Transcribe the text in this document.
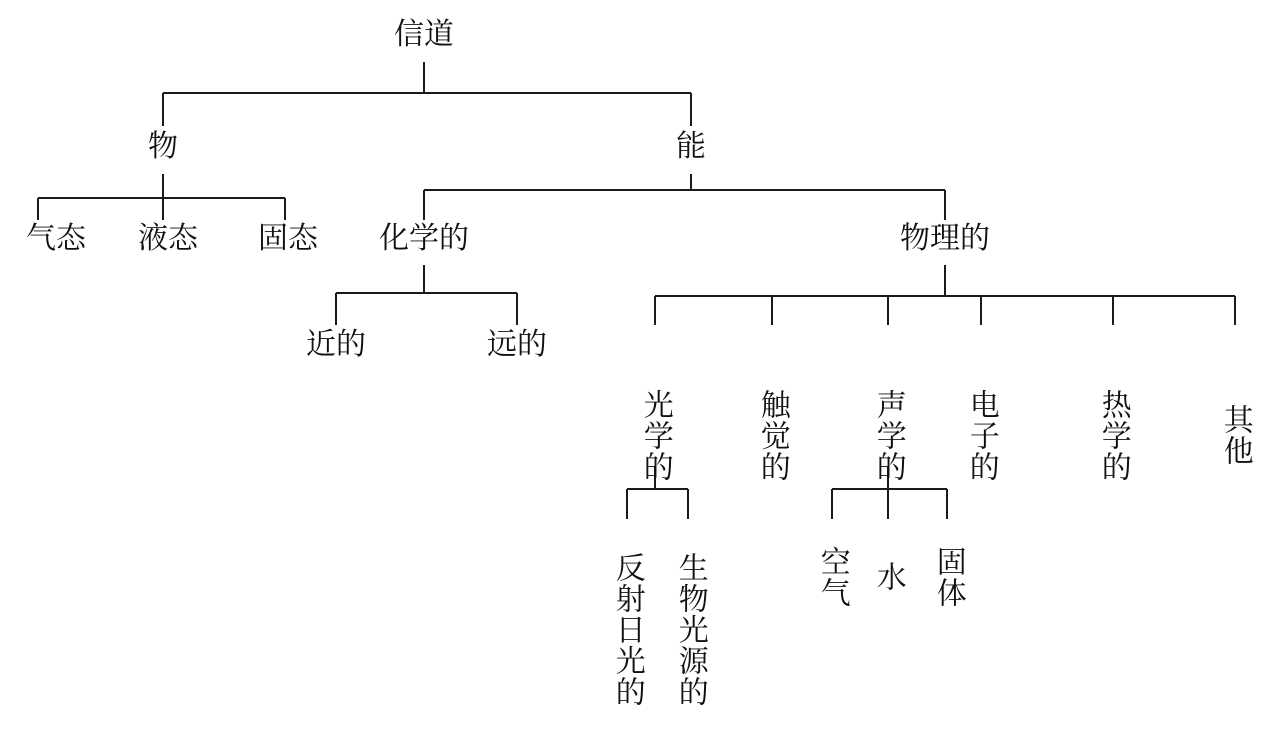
信道
物	能
气态 液态 固态 化学的	物理的
近的	远的
光学的	触觉的	声学的 电子的	热学的	其他
反射日光的 生物光源的	空气 水 固体
